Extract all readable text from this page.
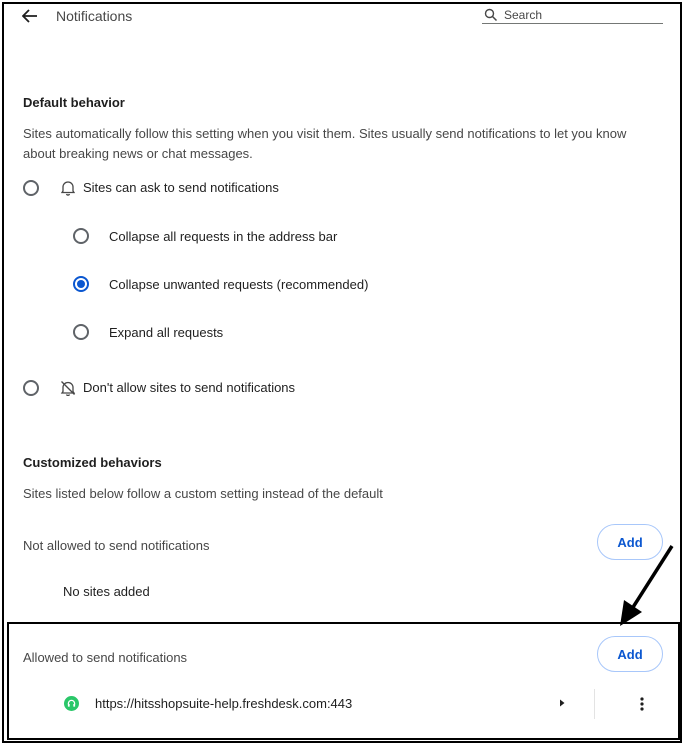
Notifications
Search
Default behavior
Sites automatically follow this setting when you visit them. Sites usually send notifications to let you know about breaking news or chat messages.
Sites can ask to send notifications
Collapse all requests in the address bar
Collapse unwanted requests (recommended)
Expand all requests
Don't allow sites to send notifications
Customized behaviors
Sites listed below follow a custom setting instead of the default
Not allowed to send notifications	Add
No sites added
Allowed to send notifications	Add
https://hitsshopsuite-help.freshdesk.com:443
